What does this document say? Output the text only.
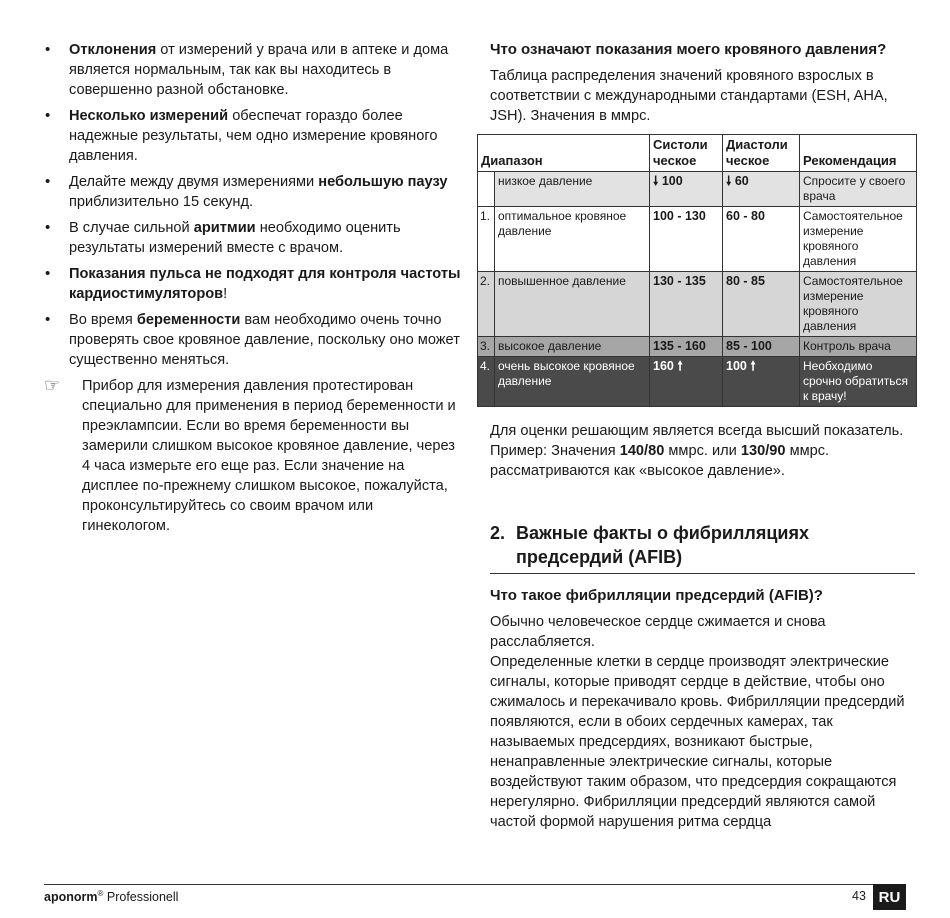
• Отклонения от измерений у врача или в аптеке и дома является нормальным, так как вы находитесь в совершенно разной обстановке.
• Несколько измерений обеспечат гораздо более надежные результаты, чем одно измерение кровяного давления.
• Делайте между двумя измерениями небольшую паузу приблизительно 15 секунд.
• В случае сильной аритмии необходимо оценить результаты измерений вместе с врачом.
• Показания пульса не подходят для контроля частоты кардиостимуляторов!
• Во время беременности вам необходимо очень точно проверять свое кровяное давление, поскольку оно может существенно меняться.
☞ Прибор для измерения давления протестирован специально для применения в период беременности и преэклампсии. Если во время беременности вы замерили слишком высокое кровяное давление, через 4 часа измерьте его еще раз. Если значение на дисплее по-прежнему слишком высокое, пожалуйста, проконсультируйтесь со своим врачом или гинекологом.
Что означают показания моего кровяного давления?

Таблица распределения значений кровяного взрослых в соответствии с международными стандартами (ESH, AHA, JSH). Значения в ммрс.

Диапазон		Систоли ческое	Диастоли ческое	Рекомендация
	низкое давление	🠗 100	🠗 60	Спросите у своего врача
1.	оптимальное кровяное давление	100 - 130	60 - 80	Самостоятельное измерение кровяного давления
2.	повышенное давление	130 - 135	80 - 85	Самостоятельное измерение кровяного давления
3.	высокое давление	135 - 160	85 - 100	Контроль врача
4.	очень высокое кровяное давление	160 🠕	100 🠕	Необходимо срочно обратиться к врачу!

Для оценки решающим является всегда высший показатель.

Пример: Значения 140/80 ммрс. или 130/90 ммрс. рассматриваются как «высокое давление».

2. Важные факты о фибрилляциях предсердий (AFIB)
Что такое фибрилляции предсердий (AFIB)?

Обычно человеческое сердце сжимается и снова расслабляется.

Определенные клетки в сердце производят электрические сигналы, которые приводят сердце в действие, чтобы оно сжималось и перекачивало кровь. Фибрилляции предсердий появляются, если в обоих сердечных камерах, так называемых предсердиях, возникают быстрые, ненаправленные электрические сигналы, которые воздействуют таким образом, что предсердия сокращаются нерегулярно. Фибрилляции предсердий являются самой частой формой нарушения ритма сердца

aponorm® Professionell	43 RU
